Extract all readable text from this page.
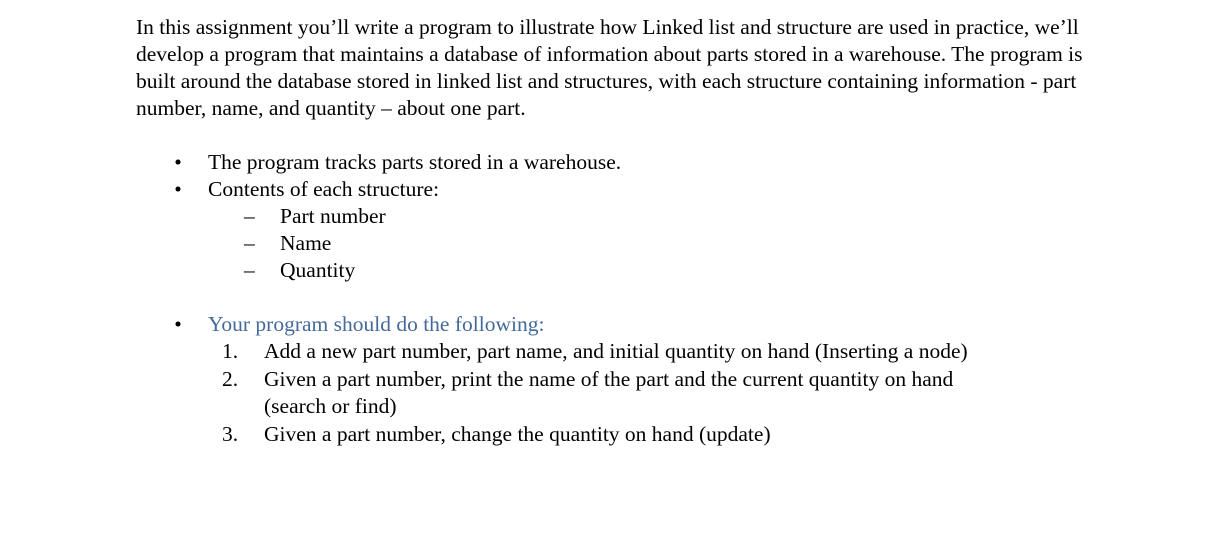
In this assignment you’ll write a program to illustrate how Linked list and structure are used in practice, we’ll develop a program that maintains a database of information about parts stored in a warehouse. The program is built around the database stored in linked list and structures, with each structure containing information - part number, name, and quantity – about one part.

• The program tracks parts stored in a warehouse.
• Contents of each structure:
– Part number
– Name
– Quantity
• Your program should do the following:
1. Add a new part number, part name, and initial quantity on hand (Inserting a node)
2. Given a part number, print the name of the part and the current quantity on hand (search or find)
3. Given a part number, change the quantity on hand (update)
